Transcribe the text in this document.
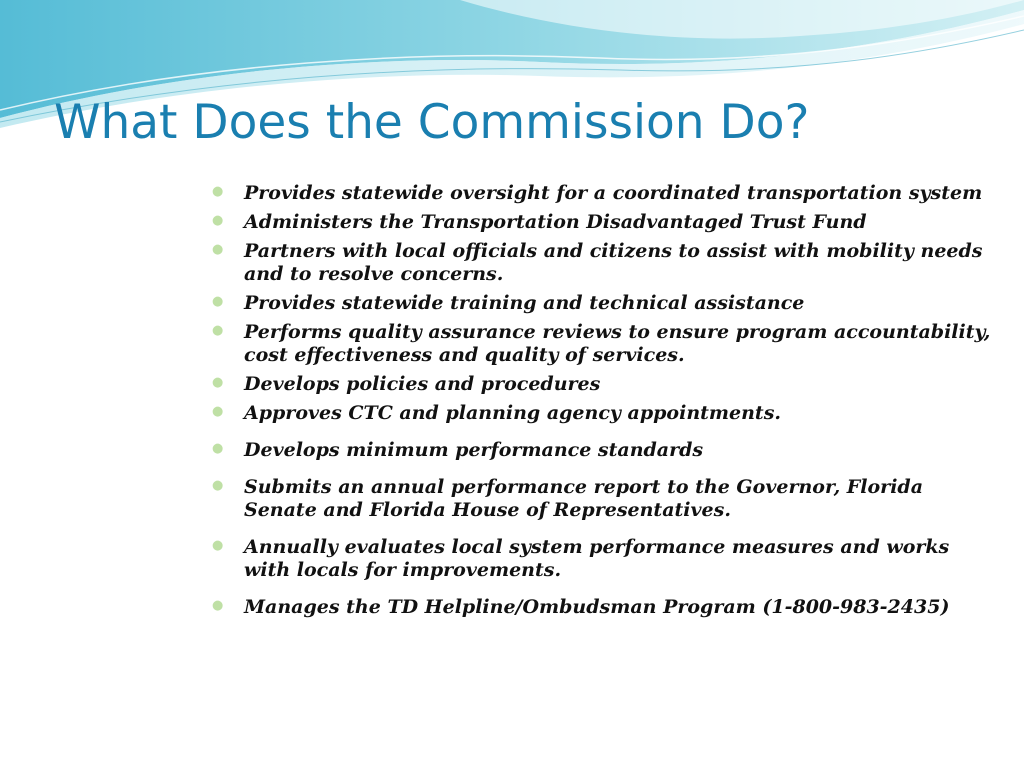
What Does the Commission Do?
● Provides statewide oversight for a coordinated transportation system
● Administers the Transportation Disadvantaged Trust Fund
● Partners with local officials and citizens to assist with mobility needs and to resolve concerns.
● Provides statewide training and technical assistance
● Performs quality assurance reviews to ensure program accountability, cost effectiveness and quality of services.
● Develops policies and procedures
● Approves CTC and planning agency appointments.
● Develops minimum performance standards
● Submits an annual performance report to the Governor, Florida Senate and Florida House of Representatives.
● Annually evaluates local system performance measures and works with locals for improvements.
● Manages the TD Helpline/Ombudsman Program (1-800-983-2435)
